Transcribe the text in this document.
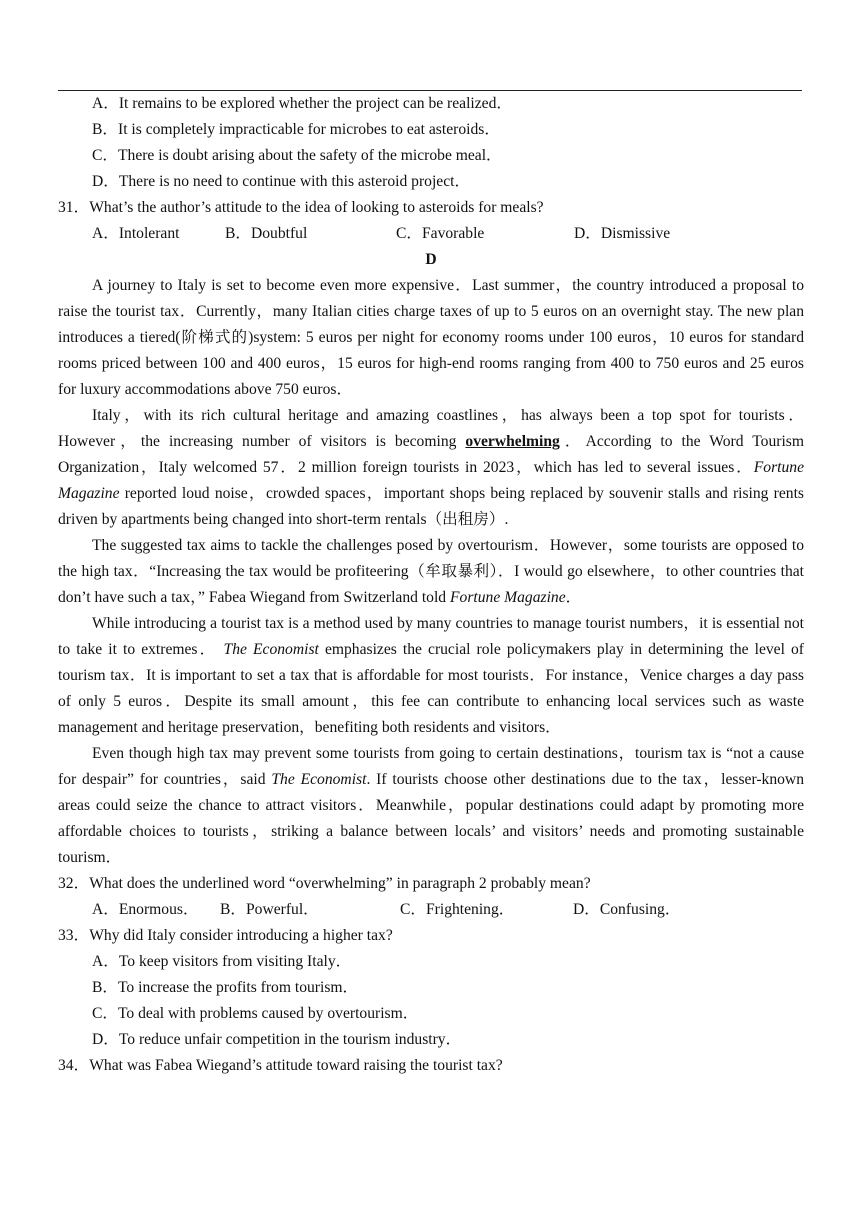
A．It remains to be explored whether the project can be realized．
B．It is completely impracticable for microbes to eat asteroids．
C．There is doubt arising about the safety of the microbe meal．
D．There is no need to continue with this asteroid project．
31．What’s the author’s attitude to the idea of looking to asteroids for meals?
A．Intolerant	B．Doubtful	C．Favorable	D．Dismissive
D
A journey to Italy is set to become even more expensive．Last summer，the country introduced a proposal to raise the tourist tax．Currently，many Italian cities charge taxes of up to 5 euros on an overnight stay. The new plan introduces a tiered(阶梯式的)system: 5 euros per night for economy rooms under 100 euros，10 euros for standard rooms priced between 100 and 400 euros，15 euros for high-end rooms ranging from 400 to 750 euros and 25 euros for luxury accommodations above 750 euros．
Italy，with its rich cultural heritage and amazing coastlines，has always been a top spot for tourists．However，the increasing number of visitors is becoming overwhelming．According to the Word Tourism Organization，Italy welcomed 57．2 million foreign tourists in 2023，which has led to several issues．Fortune Magazine reported loud noise，crowded spaces，important shops being replaced by souvenir stalls and rising rents driven by apartments being changed into short-term rentals（出租房）.
The suggested tax aims to tackle the challenges posed by overtourism．However，some tourists are opposed to the high tax．“Increasing the tax would be profiteering（牟取暴利）．I would go elsewhere，to other countries that don’t have such a tax，” Fabea Wiegand from Switzerland told Fortune Magazine．
While introducing a tourist tax is a method used by many countries to manage tourist numbers，it is essential not to take it to extremes． The Economist emphasizes the crucial role policymakers play in determining the level of tourism tax．It is important to set a tax that is affordable for most tourists．For instance，Venice charges a day pass of only 5 euros．Despite its small amount，this fee can contribute to enhancing local services such as waste management and heritage preservation，benefiting both residents and visitors．
Even though high tax may prevent some tourists from going to certain destinations，tourism tax is “not a cause for despair” for countries，said The Economist. If tourists choose other destinations due to the tax，lesser-known areas could seize the chance to attract visitors．Meanwhile，popular destinations could adapt by promoting more affordable choices to tourists，striking a balance between locals’ and visitors’ needs and promoting sustainable tourism．
32．What does the underlined word “overwhelming” in paragraph 2 probably mean?
A．Enormous． B．Powerful．	C．Frightening．	D．Confusing．
33．Why did Italy consider introducing a higher tax?
A．To keep visitors from visiting Italy．
B．To increase the profits from tourism．
C．To deal with problems caused by overtourism．
D．To reduce unfair competition in the tourism industry．
34．What was Fabea Wiegand’s attitude toward raising the tourist tax?
